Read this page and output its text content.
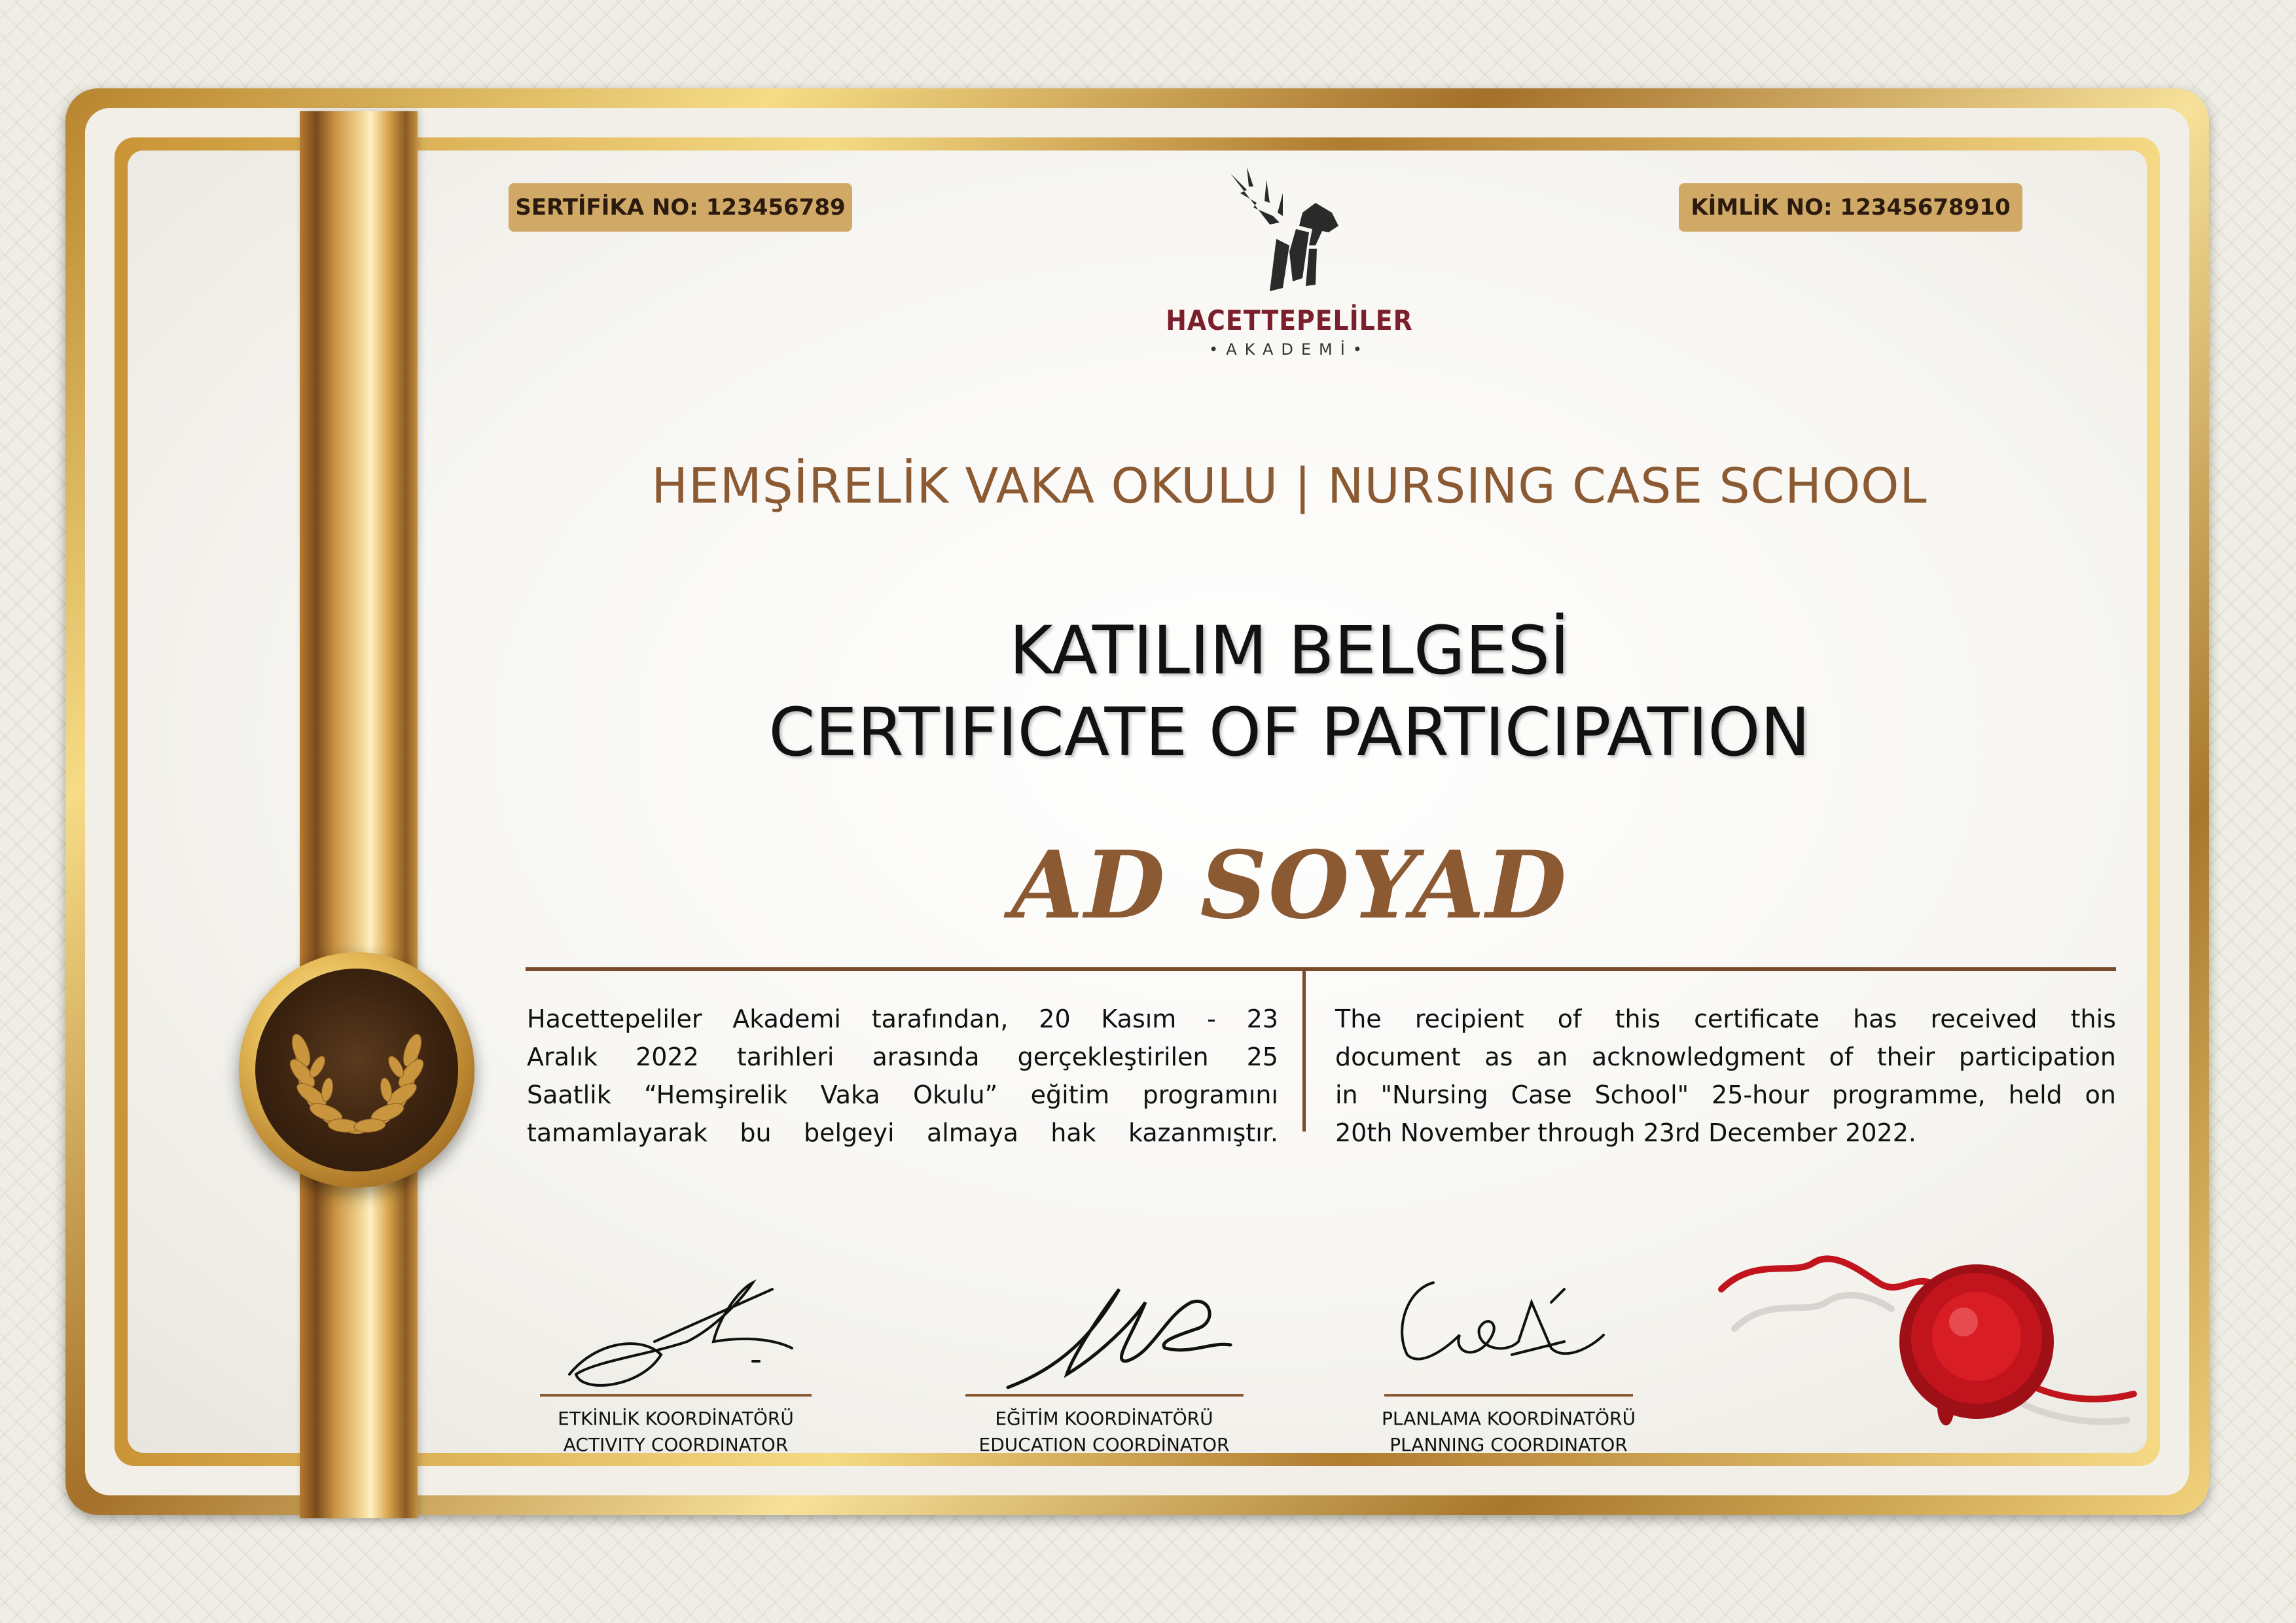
SERTİFİKA NO: 123456789	KİMLİK NO: 12345678910
HACETTEPELİLER
•AKADEMİ•
HEMŞİRELİK VAKA OKULU | NURSING CASE SCHOOL
KATILIM BELGESİ
CERTIFICATE OF PARTICIPATION
AD SOYAD
Hacettepeliler Akademi tarafından, 20 Kasım - 23
Aralık 2022 tarihleri arasında gerçekleştirilen 25
Saatlik “Hemşirelik Vaka Okulu” eğitim programını
tamamlayarak bu belgeyi almaya hak kazanmıştır.
The recipient of this certificate has received this
document as an acknowledgment of their participation
in "Nursing Case School" 25-hour programme, held on
20th November through 23rd December 2022.
ETKİNLİK KOORDİNATÖRÜ
ACTIVITY COORDINATOR
EĞİTİM KOORDİNATÖRÜ
EDUCATION COORDİNATOR
PLANLAMA KOORDİNATÖRÜ
PLANNING COORDINATOR
